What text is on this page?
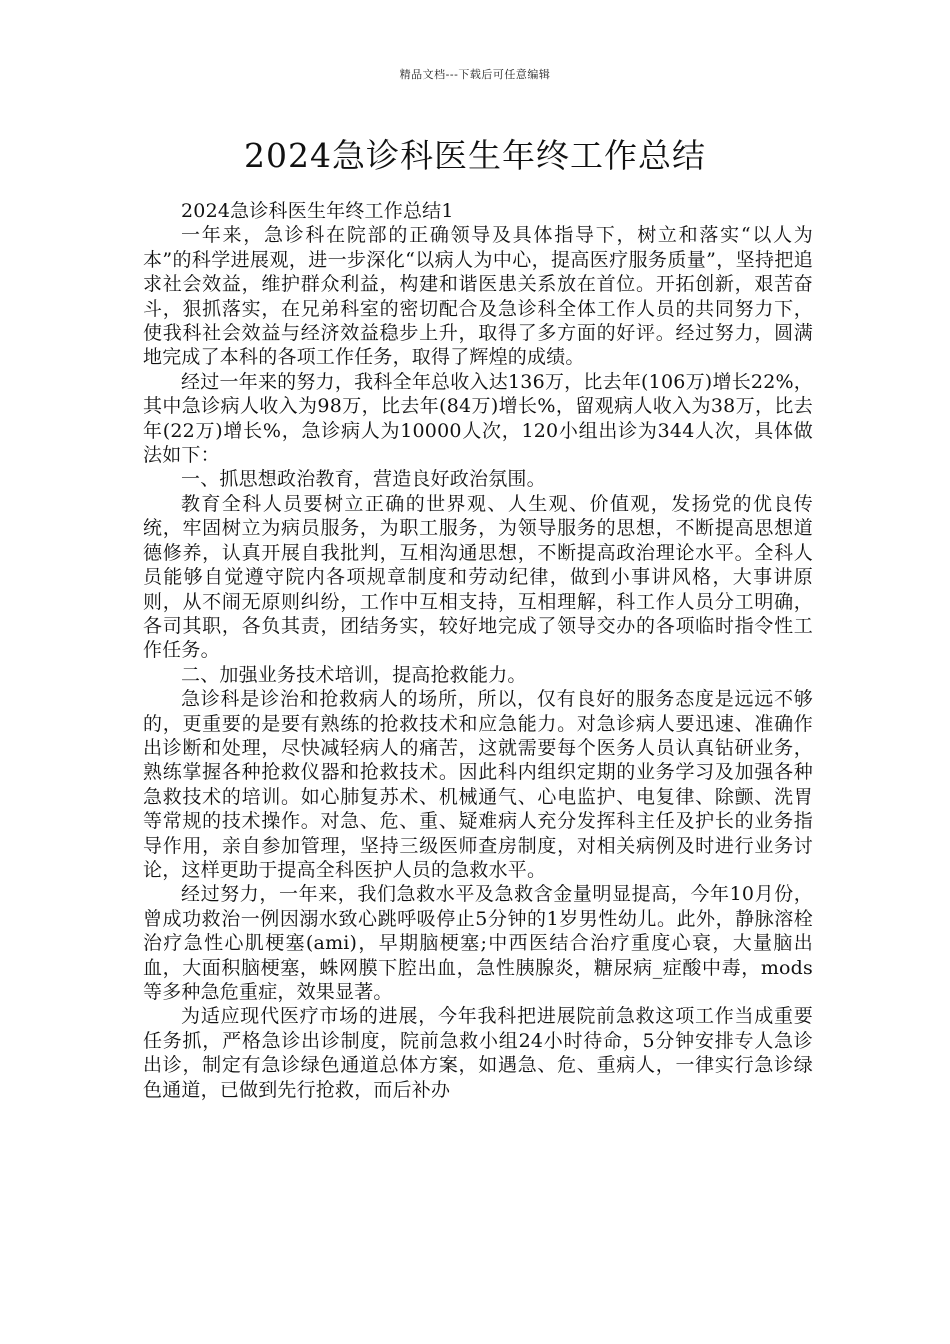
精品文档---下载后可任意编辑
2024急诊科医生年终工作总结

2024急诊科医生年终工作总结1

一年来，急诊科在院部的正确领导及具体指导下，树立和落实“以人为本”的科学进展观，进一步深化“以病人为中心，提高医疗服务质量”，坚持把追求社会效益，维护群众利益，构建和谐医患关系放在首位。开拓创新，艰苦奋斗，狠抓落实，在兄弟科室的密切配合及急诊科全体工作人员的共同努力下，使我科社会效益与经济效益稳步上升，取得了多方面的好评。经过努力，圆满地完成了本科的各项工作任务，取得了辉煌的成绩。

经过一年来的努力，我科全年总收入达136万，比去年(106万)增长22%，其中急诊病人收入为98万，比去年(84万)增长%，留观病人收入为38万，比去年(22万)增长%，急诊病人为10000人次，120小组出诊为344人次，具体做法如下：

一、抓思想政治教育，营造良好政治氛围。

教育全科人员要树立正确的世界观、人生观、价值观，发扬党的优良传统，牢固树立为病员服务，为职工服务，为领导服务的思想，不断提高思想道德修养，认真开展自我批判，互相沟通思想，不断提高政治理论水平。全科人员能够自觉遵守院内各项规章制度和劳动纪律，做到小事讲风格，大事讲原则，从不闹无原则纠纷，工作中互相支持，互相理解，科工作人员分工明确，各司其职，各负其责，团结务实，较好地完成了领导交办的各项临时指令性工作任务。

二、加强业务技术培训，提高抢救能力。

急诊科是诊治和抢救病人的场所，所以，仅有良好的服务态度是远远不够的，更重要的是要有熟练的抢救技术和应急能力。对急诊病人要迅速、准确作出诊断和处理，尽快减轻病人的痛苦，这就需要每个医务人员认真钻研业务，熟练掌握各种抢救仪器和抢救技术。因此科内组织定期的业务学习及加强各种急救技术的培训。如心肺复苏术、机械通气、心电监护、电复律、除颤、洗胃等常规的技术操作。对急、危、重、疑难病人充分发挥科主任及护长的业务指导作用，亲自参加管理，坚持三级医师查房制度，对相关病例及时进行业务讨论，这样更助于提高全科医护人员的急救水平。

经过努力，一年来，我们急救水平及急救含金量明显提高，今年10月份，曾成功救治一例因溺水致心跳呼吸停止5分钟的1岁男性幼儿。此外，静脉溶栓治疗急性心肌梗塞(ami)，早期脑梗塞;中西医结合治疗重度心衰，大量脑出血，大面积脑梗塞，蛛网膜下腔出血，急性胰腺炎，糖尿病_症酸中毒，mods等多种急危重症，效果显著。

为适应现代医疗市场的进展，今年我科把进展院前急救这项工作当成重要任务抓，严格急诊出诊制度，院前急救小组24小时待命，5分钟安排专人急诊出诊，制定有急诊绿色通道总体方案，如遇急、危、重病人，一律实行急诊绿色通道，已做到先行抢救，而后补办
